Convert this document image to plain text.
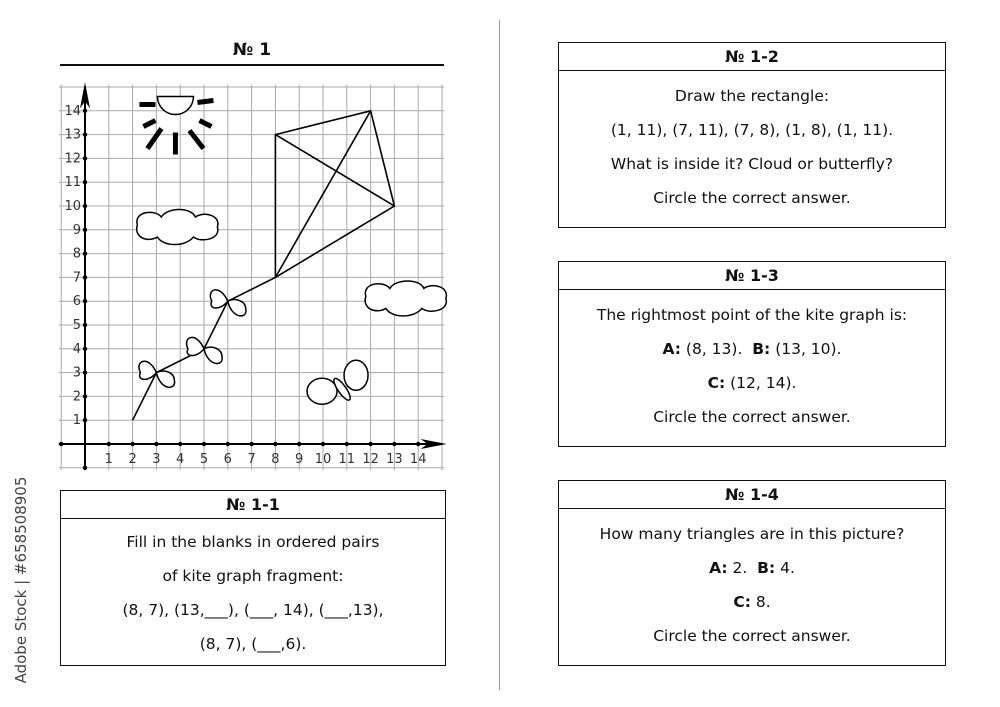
№ 1
Adobe Stock | #658508905
1 2 3 4 5 6 7 8 9 10 11 12 13 14
1
2
3
4
5
6
7
8
9
10
11
12
13
14
№ 1-1
Fill in the blanks in ordered pairs
of kite graph fragment:
(8, 7), (13,___), (___, 14), (___,13),
(8, 7), (___,6).
№ 1-2
Draw the rectangle:
(1, 11), (7, 11), (7, 8), (1, 8), (1, 11).
What is inside it? Cloud or butterfly?
Circle the correct answer.
№ 1-3
The rightmost point of the kite graph is:
A: (8, 13). B: (13, 10).
C: (12, 14).
Circle the correct answer.
№ 1-4
How many triangles are in this picture?
A: 2. B: 4.
C: 8.
Circle the correct answer.
